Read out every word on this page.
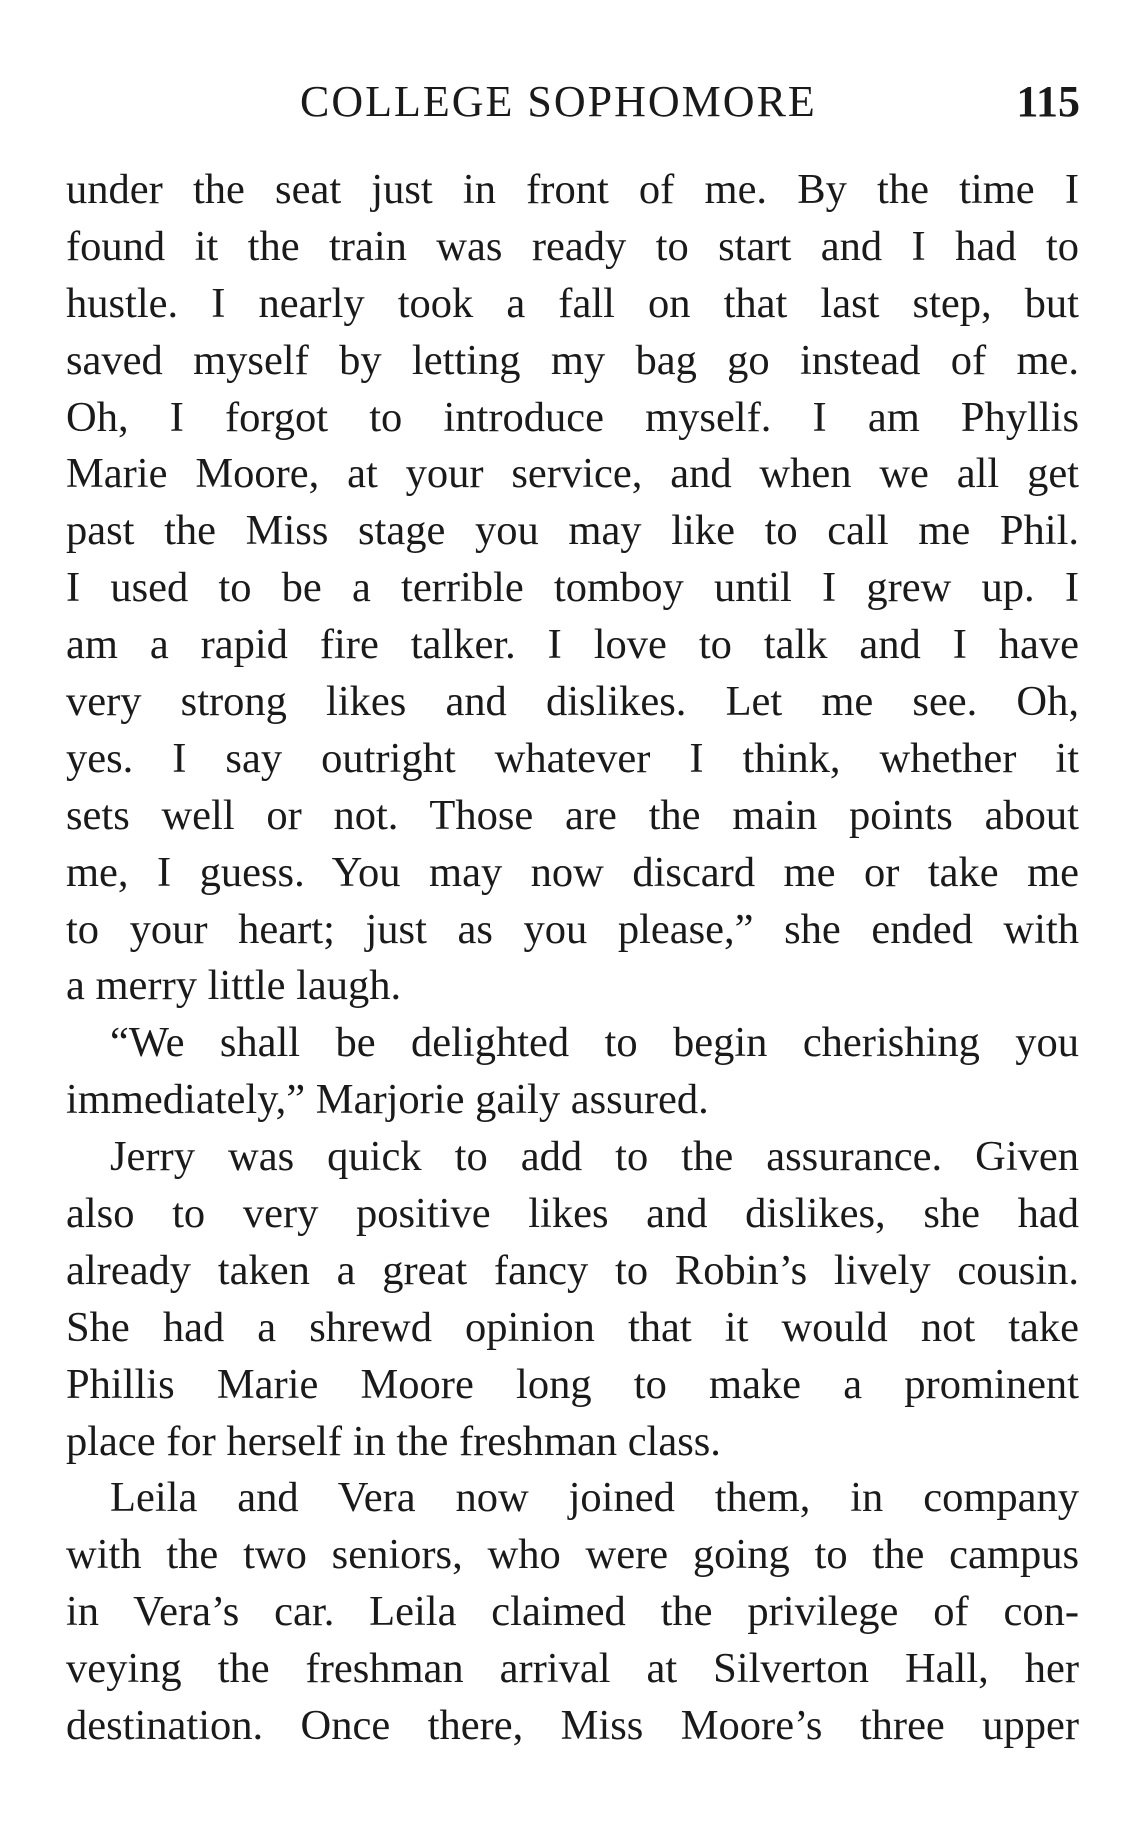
COLLEGE SOPHOMORE	115

under the seat just in front of me. By the time I
found it the train was ready to start and I had to
hustle. I nearly took a fall on that last step, but
saved myself by letting my bag go instead of me.
Oh, I forgot to introduce myself. I am Phyllis
Marie Moore, at your service, and when we all get
past the Miss stage you may like to call me Phil.
I used to be a terrible tomboy until I grew up. I
am a rapid fire talker. I love to talk and I have
very strong likes and dislikes. Let me see. Oh,
yes. I say outright whatever I think, whether it
sets well or not. Those are the main points about
me, I guess. You may now discard me or take me
to your heart; just as you please,” she ended with
a merry little laugh.

“We shall be delighted to begin cherishing you
immediately,” Marjorie gaily assured.

Jerry was quick to add to the assurance. Given
also to very positive likes and dislikes, she had
already taken a great fancy to Robin’s lively cousin.
She had a shrewd opinion that it would not take
Phillis Marie Moore long to make a prominent
place for herself in the freshman class.

Leila and Vera now joined them, in company
with the two seniors, who were going to the campus
in Vera’s car. Leila claimed the privilege of con-
veying the freshman arrival at Silverton Hall, her
destination. Once there, Miss Moore’s three upper
